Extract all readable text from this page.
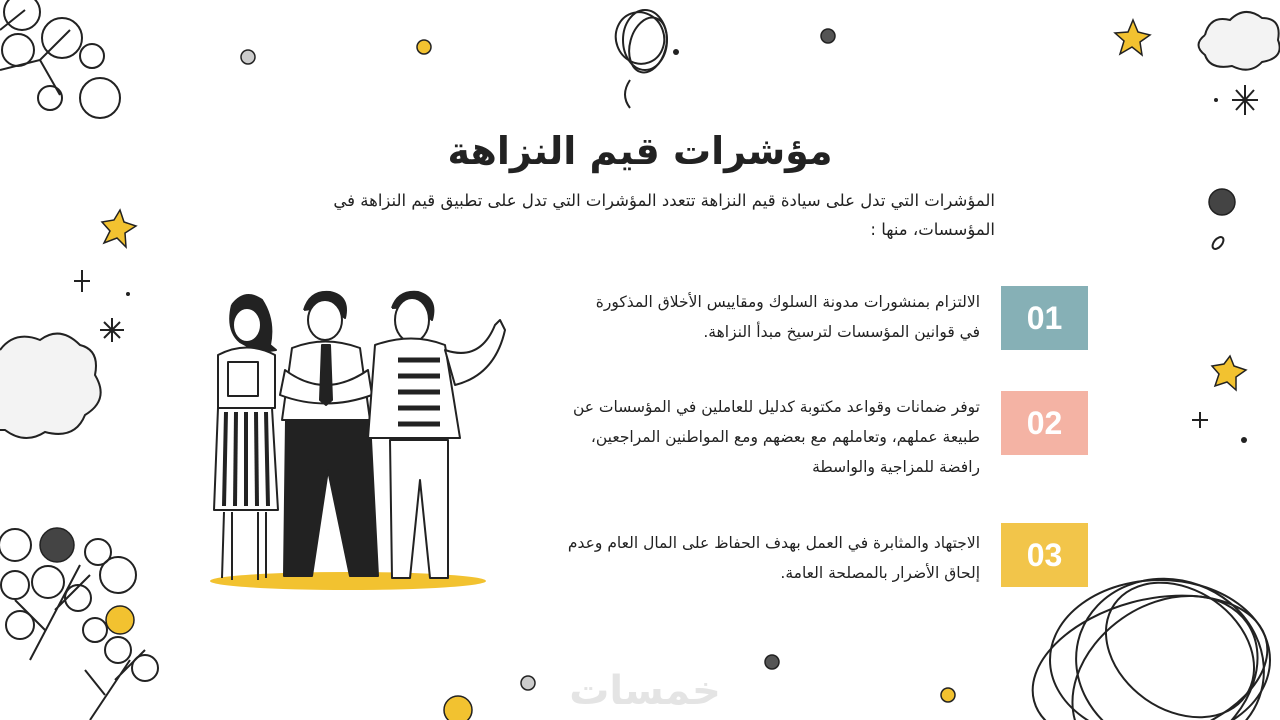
مؤشرات قيم النزاهة

المؤشرات التي تدل على سيادة قيم النزاهة تتعدد المؤشرات التي تدل على تطبيق قيم النزاهة في المؤسسات، منها :

01
الالتزام بمنشورات مدونة السلوك ومقاييس الأخلاق المذكورة في قوانين المؤسسات لترسيخ مبدأ النزاهة.
02
توفر ضمانات وقواعد مكتوبة كدليل للعاملين في المؤسسات عن طبيعة عملهم، وتعاملهم مع بعضهم ومع المواطنين المراجعين، رافضة للمزاجية والواسطة
03
الاجتهاد والمثابرة في العمل بهدف الحفاظ على المال العام وعدم إلحاق الأضرار بالمصلحة العامة.
خمسات
